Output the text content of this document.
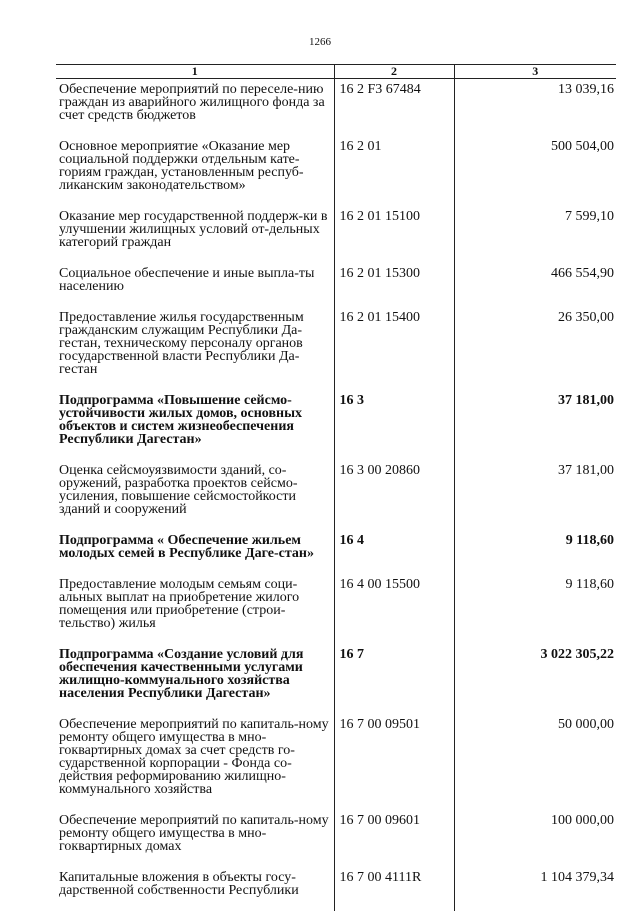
1266
1	2	3
Обеспечение мероприятий по переселе-нию граждан из аварийного жилищного фонда за счет средств бюджетов	16 2 F3 67484	13 039,16
Основное мероприятие «Оказание мер социальной поддержки отдельным кате-гориям граждан, установленным респуб-ликанским законодательством»	16 2 01	500 504,00
Оказание мер государственной поддерж-ки в улучшении жилищных условий от-дельных категорий граждан	16 2 01 15100	7 599,10
Социальное обеспечение и иные выпла-ты населению	16 2 01 15300	466 554,90
Предоставление жилья государственным гражданским служащим Республики Да-гестан, техническому персоналу органов государственной власти Республики Да-гестан	16 2 01 15400	26 350,00
Подпрограмма «Повышение сейсмо-устойчивости жилых домов, основных объектов и систем жизнеобеспечения Республики Дагестан»	16 3	37 181,00
Оценка сейсмоуязвимости зданий, со-оружений, разработка проектов сейсмо-усиления, повышение сейсмостойкости зданий и сооружений	16 3 00 20860	37 181,00
Подпрограмма « Обеспечение жильем молодых семей в Республике Даге-стан»	16 4	9 118,60
Предоставление молодым семьям соци-альных выплат на приобретение жилого помещения или приобретение (строи-тельство) жилья	16 4 00 15500	9 118,60
Подпрограмма «Создание условий для обеспечения качественными услугами жилищно-коммунального хозяйства населения Республики Дагестан»	16 7	3 022 305,22
Обеспечение мероприятий по капиталь-ному ремонту общего имущества в мно-гоквартирных домах за счет средств го-сударственной корпорации - Фонда со-действия реформированию жилищно-коммунального хозяйства	16 7 00 09501	50 000,00
Обеспечение мероприятий по капиталь-ному ремонту общего имущества в мно-гоквартирных домах	16 7 00 09601	100 000,00
Капитальные вложения в объекты госу-дарственной собственности Республики	16 7 00 4111R	1 104 379,34
